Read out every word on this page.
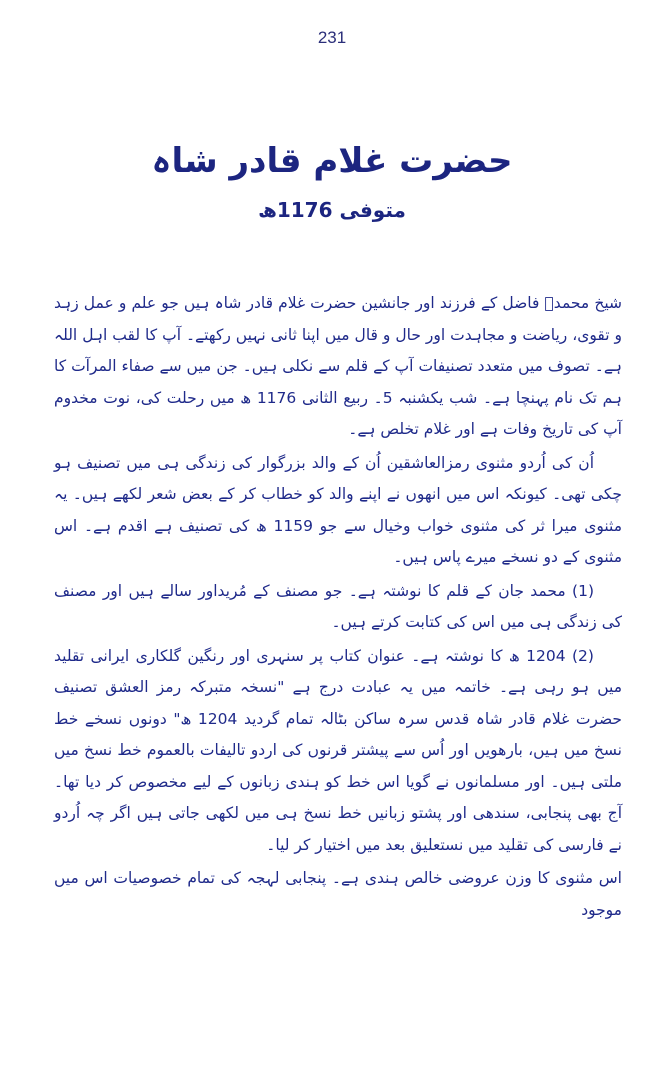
231
حضرت غلام قادر شاہ
متوفی 1176ھ

شیخ محمدؐ فاضل کے فرزند اور جانشین حضرت غلام قادر شاہ ہیں جو علم و عمل زہد و تقوی، ریاضت و مجاہدت اور حال و قال میں اپنا ثانی نہیں رکھتے۔ آپ کا لقب اہل اللہ ہے۔ تصوف میں متعدد تصنیفات آپ کے قلم سے نکلی ہیں۔ جن میں سے صفاء المرآت کا ہم تک نام پہنچا ہے۔ شب یکشنبہ 5۔ ربیع الثانی 1176 ھ میں رحلت کی، نوت مخدوم آپ کی تاریخ وفات ہے اور غلام تخلص ہے۔

اُن کی اُردو مثنوی رمزالعاشقین اُن کے والد بزرگوار کی زندگی ہی میں تصنیف ہو چکی تھی۔ کیونکہ اس میں انھوں نے اپنے والد کو خطاب کر کے بعض شعر لکھے ہیں۔ یہ مثنوی میرا ثر کی مثنوی خواب وخیال سے جو 1159 ھ کی تصنیف ہے اقدم ہے۔ اس مثنوی کے دو نسخے میرے پاس ہیں۔

(1) محمد جان کے قلم کا نوشتہ ہے۔ جو مصنف کے مُریداور سالے ہیں اور مصنف کی زندگی ہی میں اس کی کتابت کرتے ہیں۔

(2) 1204 ھ کا نوشتہ ہے۔ عنوان کتاب پر سنہری اور رنگین گلکاری ایرانی تقلید میں ہو رہی ہے۔ خاتمہ میں یہ عبادت درج ہے "نسخہ متبرکہ رمز العشق تصنیف حضرت غلام قادر شاہ قدس سرہ ساکن بٹالہ تمام گردید 1204 ھ" دونوں نسخے خط نسخ میں ہیں، بارھویں اور اُس سے پیشتر قرنوں کی اردو تالیفات بالعموم خط نسخ میں ملتی ہیں۔ اور مسلمانوں نے گویا اس خط کو ہندی زبانوں کے لیے مخصوص کر دیا تھا۔ آج بھی پنجابی، سندھی اور پشتو زبانیں خط نسخ ہی میں لکھی جاتی ہیں اگر چہ اُردو نے فارسی کی تقلید میں نستعلیق بعد میں اختیار کر لیا۔

اس مثنوی کا وزن عروضی خالص ہندی ہے۔ پنجابی لہجہ کی تمام خصوصیات اس میں موجود
